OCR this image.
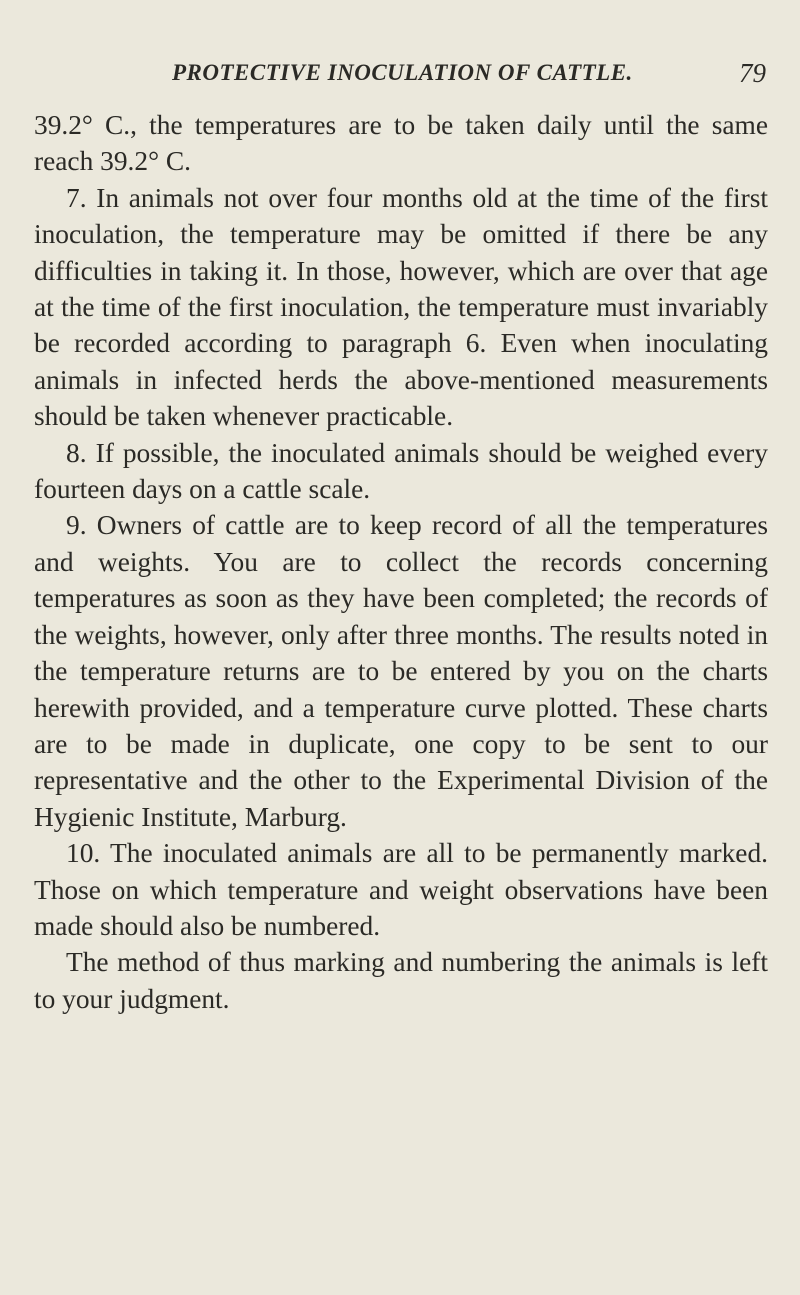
PROTECTIVE INOCULATION OF CATTLE.	79

39.2° C., the temperatures are to be taken daily until the same reach 39.2° C.

7. In animals not over four months old at the time of the first inoculation, the temperature may be omitted if there be any difficulties in taking it. In those, however, which are over that age at the time of the first inoculation, the temperature must invariably be recorded according to paragraph 6. Even when inoculating animals in infected herds the above-mentioned measurements should be taken whenever practicable.

8. If possible, the inoculated animals should be weighed every fourteen days on a cattle scale.

9. Owners of cattle are to keep record of all the temperatures and weights. You are to collect the records concerning temperatures as soon as they have been completed; the records of the weights, however, only after three months. The results noted in the temperature returns are to be entered by you on the charts herewith provided, and a temperature curve plotted. These charts are to be made in duplicate, one copy to be sent to our representative and the other to the Experimental Division of the Hygienic Institute, Marburg.

10. The inoculated animals are all to be permanently marked. Those on which temperature and weight observations have been made should also be numbered.

The method of thus marking and numbering the animals is left to your judgment.
